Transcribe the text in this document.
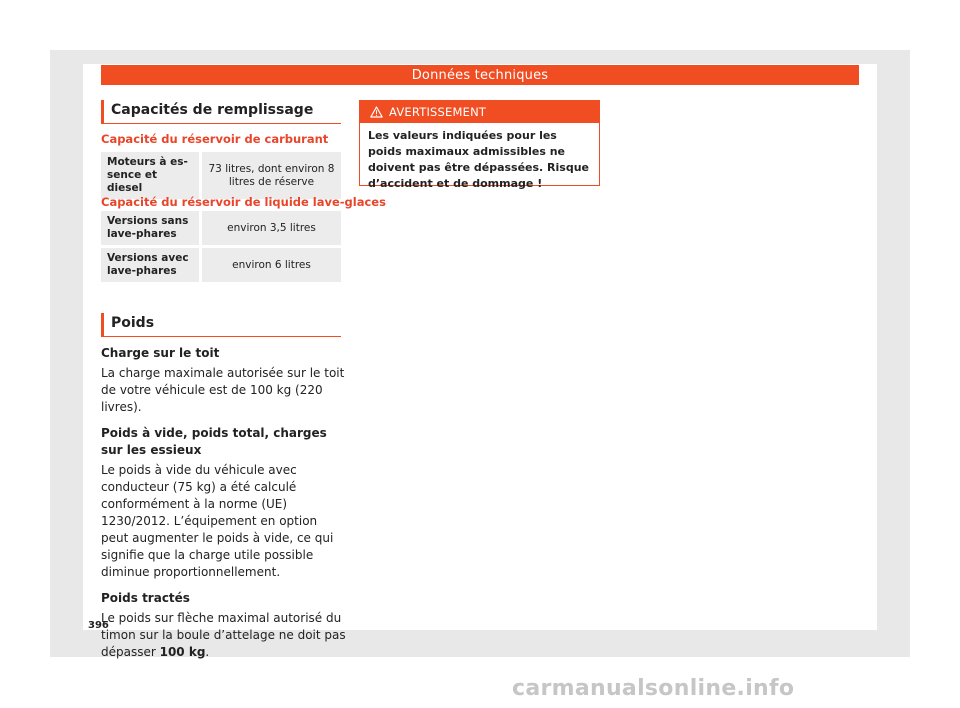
Données techniques
Capacités de remplissage
Capacité du réservoir de carburant
Moteurs à essence et diesel	73 litres, dont environ 8 litres de réserve
Capacité du réservoir de liquide lave-glaces
Versions sans lave-phares	environ 3,5 litres
Versions avec lave-phares	environ 6 litres
Poids
Charge sur le toit
La charge maximale autorisée sur le toit de votre véhicule est de 100 kg (220 livres).
Poids à vide, poids total, charges sur les essieux
Le poids à vide du véhicule avec conducteur (75 kg) a été calculé conformément à la norme (UE) 1230/2012. L’équipement en option peut augmenter le poids à vide, ce qui signifie que la charge utile possible diminue proportionnellement.
Poids tractés
Le poids sur flèche maximal autorisé du timon sur la boule d’attelage ne doit pas dépasser 100 kg.
AVERTISSEMENT
Les valeurs indiquées pour les poids maximaux admissibles ne doivent pas être dépassées. Risque d’accident et de dommage !
396
carmanualsonline.info
